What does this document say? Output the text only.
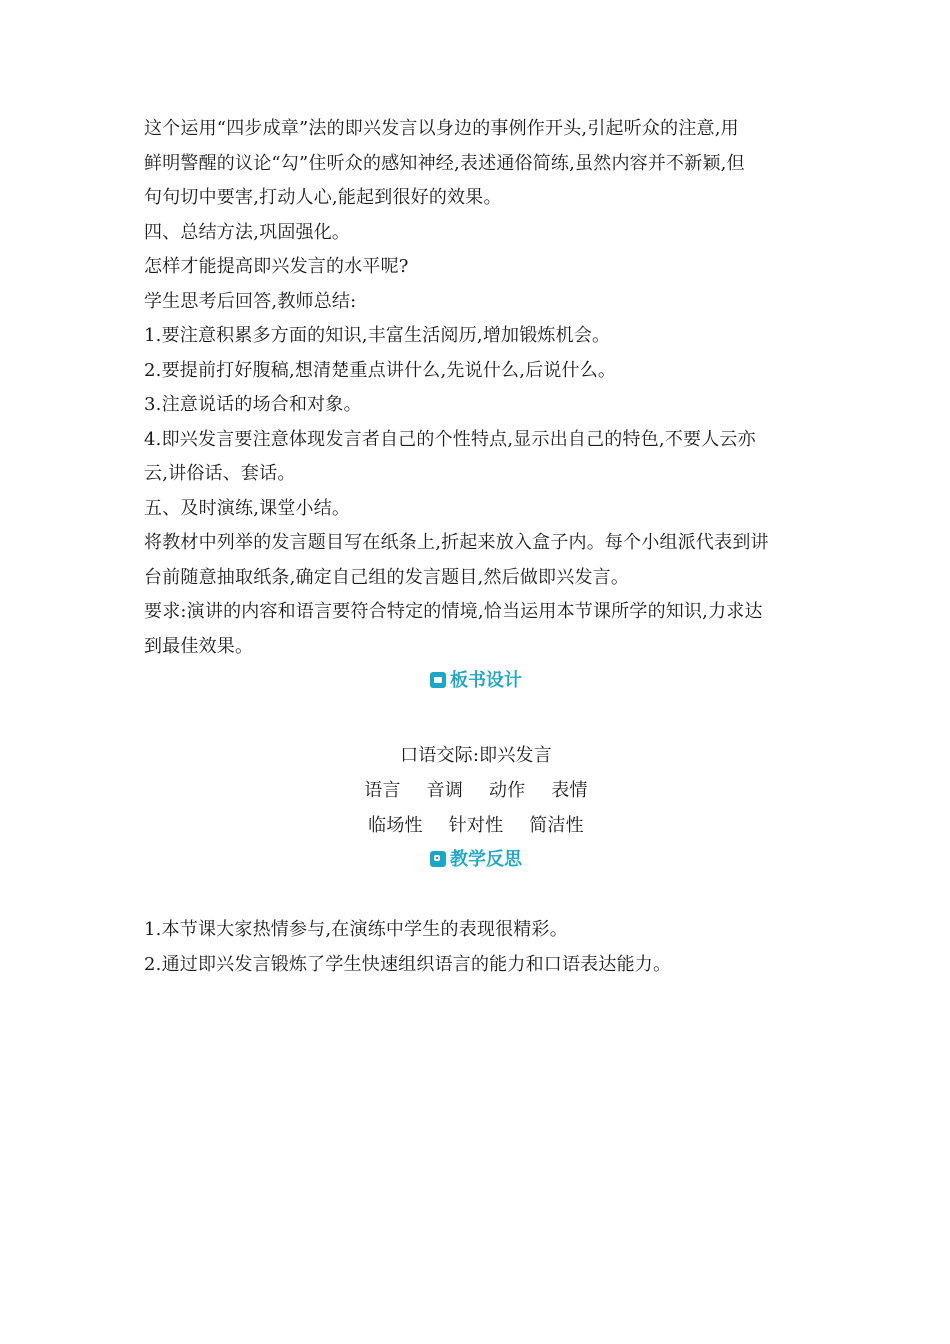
这个运用“四步成章”法的即兴发言以身边的事例作开头,引起听众的注意,用
鲜明警醒的议论“勾”住听众的感知神经,表述通俗简练,虽然内容并不新颖,但
句句切中要害,打动人心,能起到很好的效果。
四、总结方法,巩固强化。
怎样才能提高即兴发言的水平呢?
学生思考后回答,教师总结:
1.要注意积累多方面的知识,丰富生活阅历,增加锻炼机会。
2.要提前打好腹稿,想清楚重点讲什么,先说什么,后说什么。
3.注意说话的场合和对象。
4.即兴发言要注意体现发言者自己的个性特点,显示出自己的特色,不要人云亦
云,讲俗话、套话。
五、及时演练,课堂小结。
将教材中列举的发言题目写在纸条上,折起来放入盒子内。每个小组派代表到讲
台前随意抽取纸条,确定自己组的发言题目,然后做即兴发言。
要求:演讲的内容和语言要符合特定的情境,恰当运用本节课所学的知识,力求达
到最佳效果。
板书设计
口语交际:即兴发言
语言 音调 动作 表情
临场性 针对性 简洁性
教学反思
1.本节课大家热情参与,在演练中学生的表现很精彩。
2.通过即兴发言锻炼了学生快速组织语言的能力和口语表达能力。
